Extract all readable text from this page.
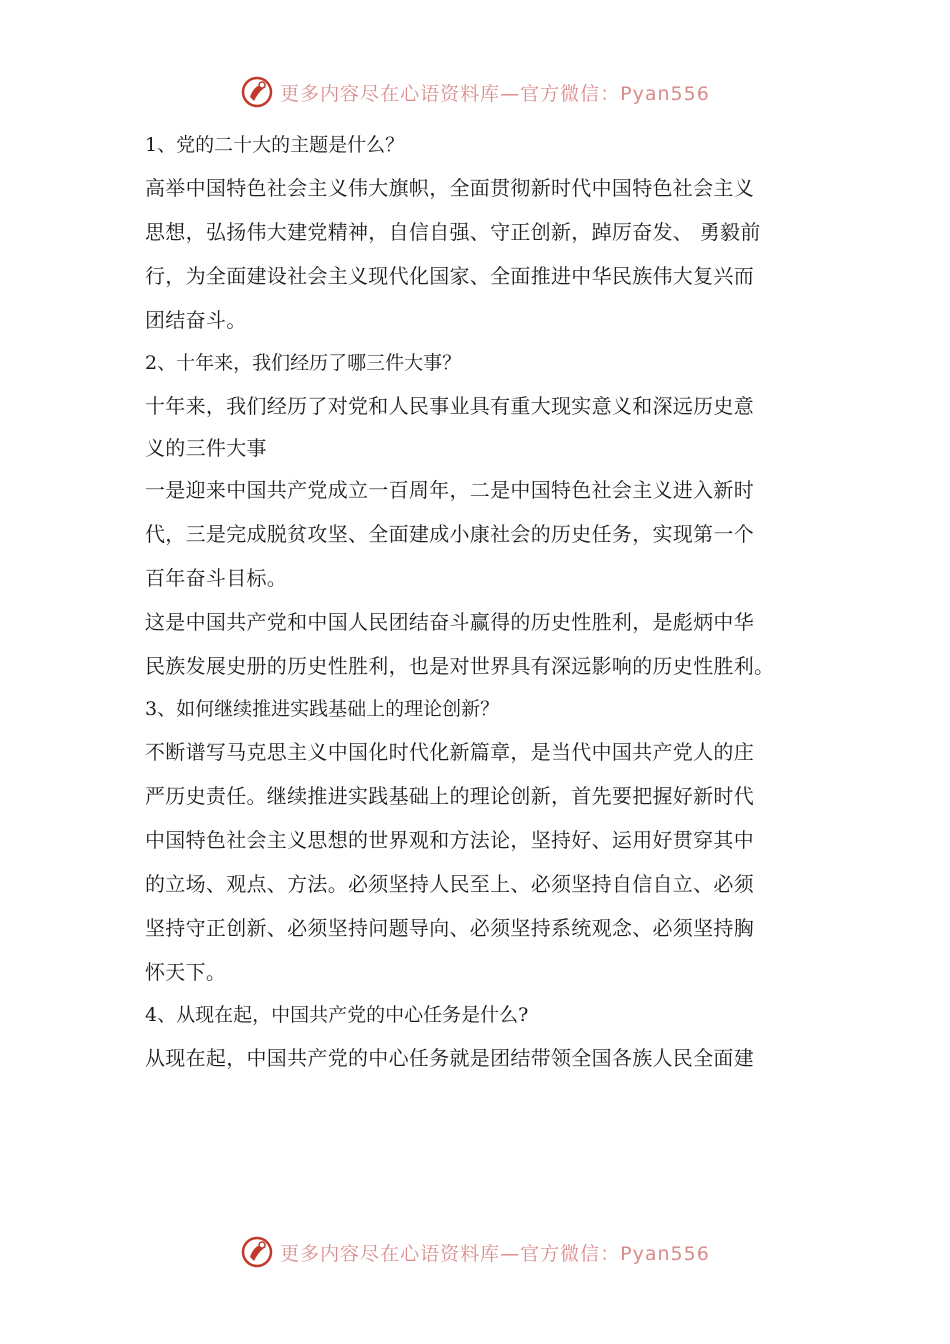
更多内容尽在心语资料库—官方微信：Pyan556

1、党的二十大的主题是什么？

高举中国特色社会主义伟大旗帜，全面贯彻新时代中国特色社会主义

思想，弘扬伟大建党精神，自信自强、守正创新，踔厉奋发、 勇毅前

行，为全面建设社会主义现代化国家、全面推进中华民族伟大复兴而

团结奋斗。

2、十年来，我们经历了哪三件大事？

十年来，我们经历了对党和人民事业具有重大现实意义和深远历史意

义的三件大事

一是迎来中国共产党成立一百周年，二是中国特色社会主义进入新时

代，三是完成脱贫攻坚、全面建成小康社会的历史任务，实现第一个

百年奋斗目标。

这是中国共产党和中国人民团结奋斗赢得的历史性胜利，是彪炳中华

民族发展史册的历史性胜利，也是对世界具有深远影响的历史性胜利。

3、如何继续推进实践基础上的理论创新？

不断谱写马克思主义中国化时代化新篇章，是当代中国共产党人的庄

严历史责任。继续推进实践基础上的理论创新，首先要把握好新时代

中国特色社会主义思想的世界观和方法论，坚持好、运用好贯穿其中

的立场、观点、方法。必须坚持人民至上、必须坚持自信自立、必须

坚持守正创新、必须坚持问题导向、必须坚持系统观念、必须坚持胸

怀天下。

4、从现在起，中国共产党的中心任务是什么?

从现在起，中国共产党的中心任务就是团结带领全国各族人民全面建

更多内容尽在心语资料库—官方微信：Pyan556
